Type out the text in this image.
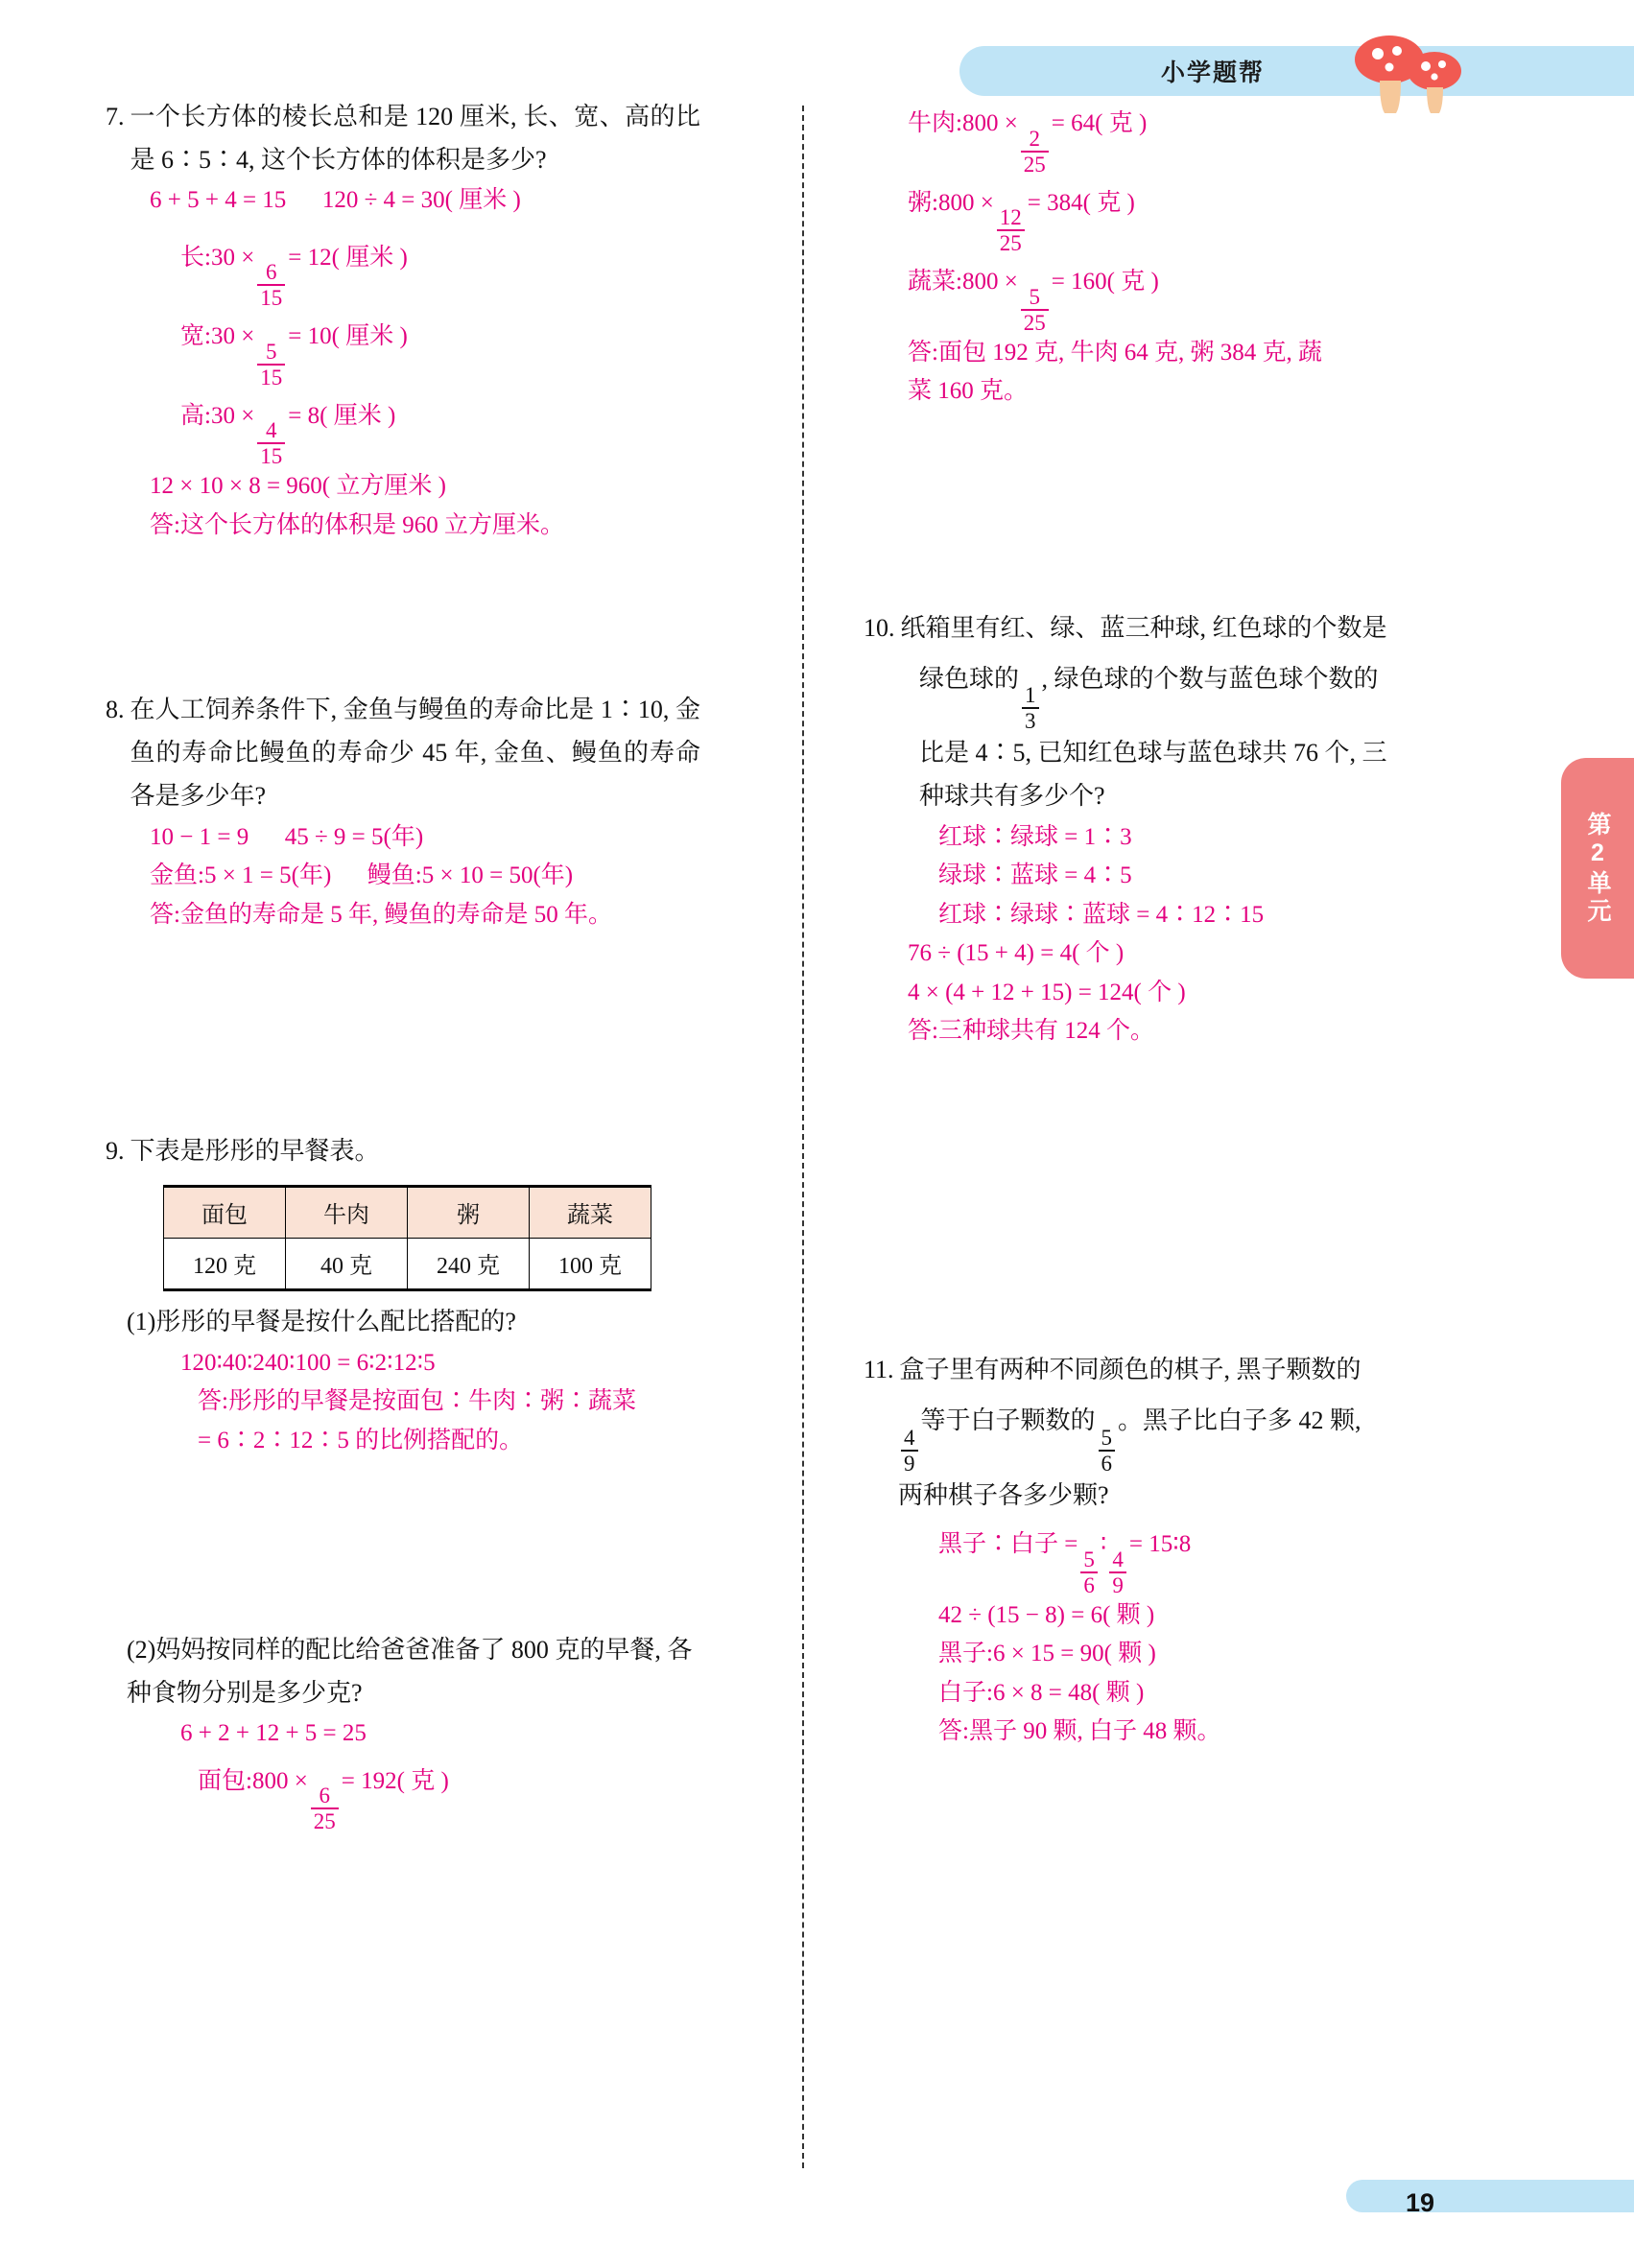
小学题帮
7. 一个长方体的棱长总和是 120 厘米, 长、宽、高的比是 6∶5∶4, 这个长方体的体积是多少?
6 + 5 + 4 = 15 120 ÷ 4 = 30( 厘米 )
长:30 ×
$\frac{6}{15}$
= 12( 厘米 )
宽:30 ×
$\frac{5}{15}$
= 10( 厘米 )
高:30 ×
$\frac{4}{15}$
= 8( 厘米 )
12 × 10 × 8 = 960( 立方厘米 )
答:这个长方体的体积是 960 立方厘米。
8. 在人工饲养条件下, 金鱼与鳗鱼的寿命比是 1∶10, 金鱼的寿命比鳗鱼的寿命少 45 年, 金鱼、鳗鱼的寿命各是多少年?
10 − 1 = 9 45 ÷ 9 = 5(年)
金鱼:5 × 1 = 5(年) 鳗鱼:5 × 10 = 50(年)
答:金鱼的寿命是 5 年, 鳗鱼的寿命是 50 年。
9. 下表是彤彤的早餐表。
面包	牛肉	粥	蔬菜
120 克	40 克	240 克	100 克
(1)彤彤的早餐是按什么配比搭配的?
120∶40∶240∶100 = 6∶2∶12∶5
答:彤彤的早餐是按面包∶牛肉∶粥∶蔬菜
= 6∶2∶12∶5 的比例搭配的。
(2)妈妈按同样的配比给爸爸准备了 800 克的早餐, 各种食物分别是多少克?
6 + 2 + 12 + 5 = 25
面包:800 ×
$\frac{6}{25}$
= 192( 克 )
牛肉:800 ×
$\frac{2}{25}$
= 64( 克 )
粥:800 ×
$\frac{12}{25}$
= 384( 克 )
蔬菜:800 ×
$\frac{5}{25}$
= 160( 克 )
答:面包 192 克, 牛肉 64 克, 粥 384 克, 蔬
菜 160 克。
10. 纸箱里有红、绿、蓝三种球, 红色球的个数是
绿色球的
$\frac{1}{3}$
, 绿色球的个数与蓝色球个数的
比是 4∶5, 已知红色球与蓝色球共 76 个, 三
种球共有多少个?
红球∶绿球 = 1∶3
绿球∶蓝球 = 4∶5
红球∶绿球∶蓝球 = 4∶12∶15
76 ÷ (15 + 4) = 4( 个 )
4 × (4 + 12 + 15) = 124( 个 )
答:三种球共有 124 个。
11. 盒子里有两种不同颜色的棋子, 黑子颗数的
$\frac{4}{9}$
等于白子颗数的
$\frac{5}{6}$
。黑子比白子多 42 颗,
两种棋子各多少颗?
黑子∶白子 =
$\frac{5}{6}$
∶
$\frac{4}{9}$
= 15∶8
42 ÷ (15 − 8) = 6( 颗 )
黑子:6 × 15 = 90( 颗 )
白子:6 × 8 = 48( 颗 )
答:黑子 90 颗, 白子 48 颗。
第2单元
19
